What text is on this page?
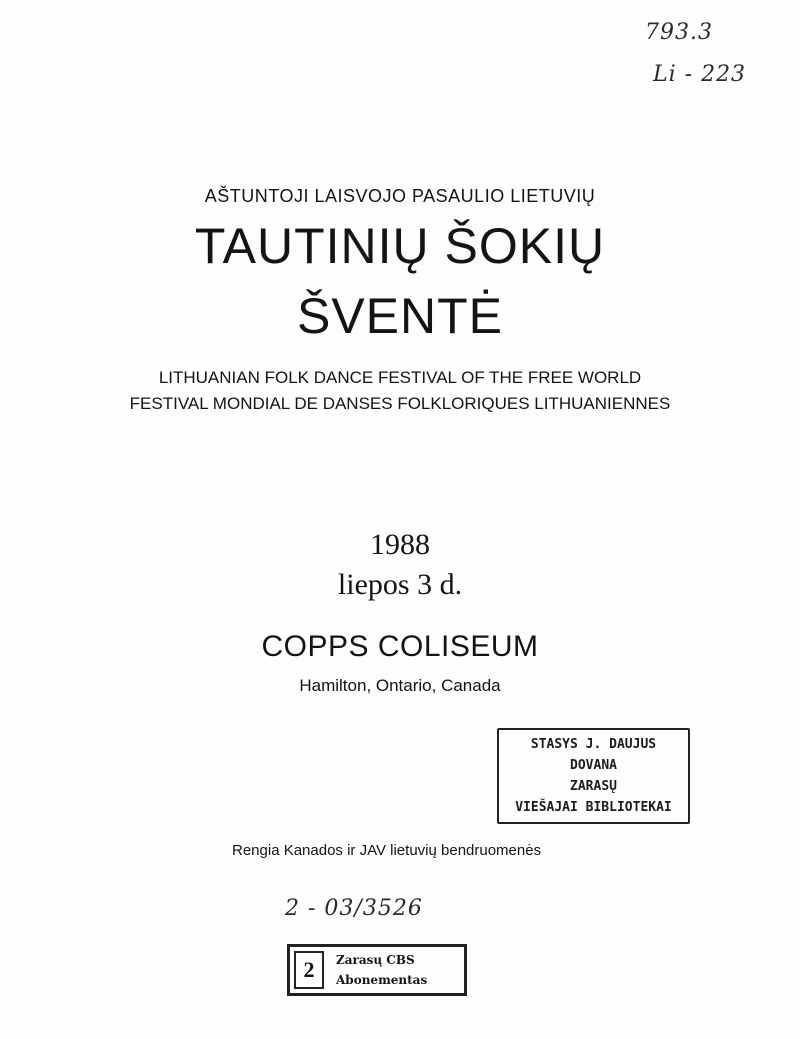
793.3
Li - 223
AŠTUNTOJI LAISVOJO PASAULIO LIETUVIŲ
TAUTINIŲ ŠOKIŲ
ŠVENTĖ
LITHUANIAN FOLK DANCE FESTIVAL OF THE FREE WORLD
FESTIVAL MONDIAL DE DANSES FOLKLORIQUES LITHUANIENNES
1988
liepos 3 d.
COPPS COLISEUM
Hamilton, Ontario, Canada
STASYS J. DAUJUS
DOVANA
ZARASŲ
VIEŠAJAI BIBLIOTEKAI
Rengia Kanados ir JAV lietuvių bendruomenės
2 - 03/3526
2	Zarasų CBS
Abonementas
